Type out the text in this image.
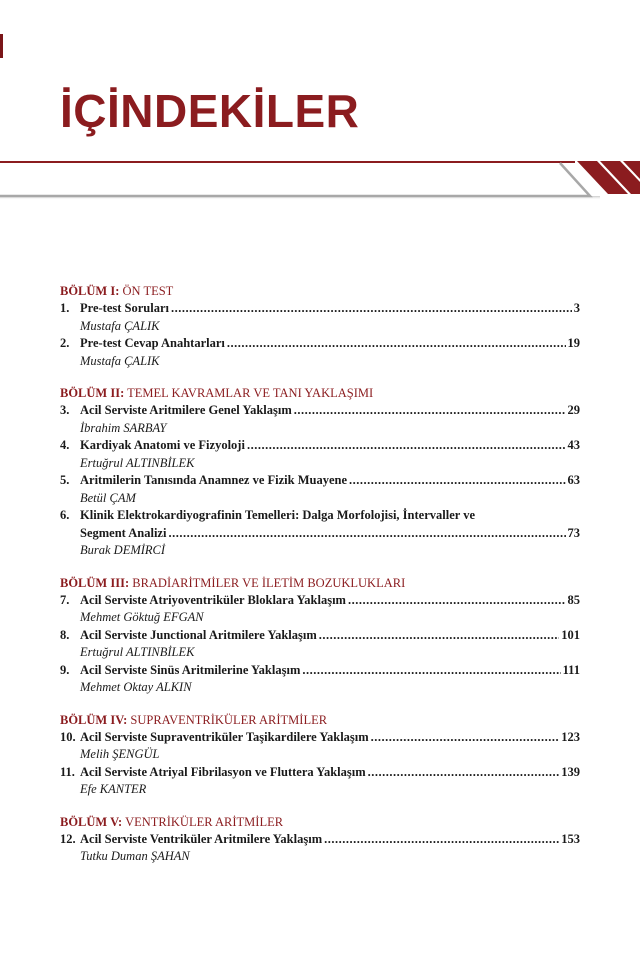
İÇİNDEKİLER
BÖLÜM I: ÖN TEST
1. Pre-test Soruları .....	3
Mustafa ÇALIK
2. Pre-test Cevap Anahtarları .....	19
Mustafa ÇALIK
BÖLÜM II: TEMEL KAVRAMLAR VE TANI YAKLAŞIMI
3. Acil Serviste Aritmilere Genel Yaklaşım .....	29
İbrahim SARBAY
4. Kardiyak Anatomi ve Fizyoloji .....	43
Ertuğrul ALTINBİLEK
5. Aritmilerin Tanısında Anamnez ve Fizik Muayene .....	63
Betül ÇAM
6. Klinik Elektrokardiyografinin Temelleri: Dalga Morfolojisi, İntervaller ve
Segment Analizi .....	73
Burak DEMİRCİ
BÖLÜM III: BRADİARİTMİLER VE İLETİM BOZUKLUKLARI
7. Acil Serviste Atriyoventriküler Bloklara Yaklaşım .....	85
Mehmet Göktuğ EFGAN
8. Acil Serviste Junctional Aritmilere Yaklaşım .....	101
Ertuğrul ALTINBİLEK
9. Acil Serviste Sinüs Aritmilerine Yaklaşım .....	111
Mehmet Oktay ALKIN
BÖLÜM IV: SUPRAVENTRİKÜLER ARİTMİLER
10. Acil Serviste Supraventriküler Taşikardilere Yaklaşım .....	123
Melih ŞENGÜL
11. Acil Serviste Atriyal Fibrilasyon ve Fluttera Yaklaşım .....	139
Efe KANTER
BÖLÜM V: VENTRİKÜLER ARİTMİLER
12. Acil Serviste Ventriküler Aritmilere Yaklaşım .....	153
Tutku Duman ŞAHAN
